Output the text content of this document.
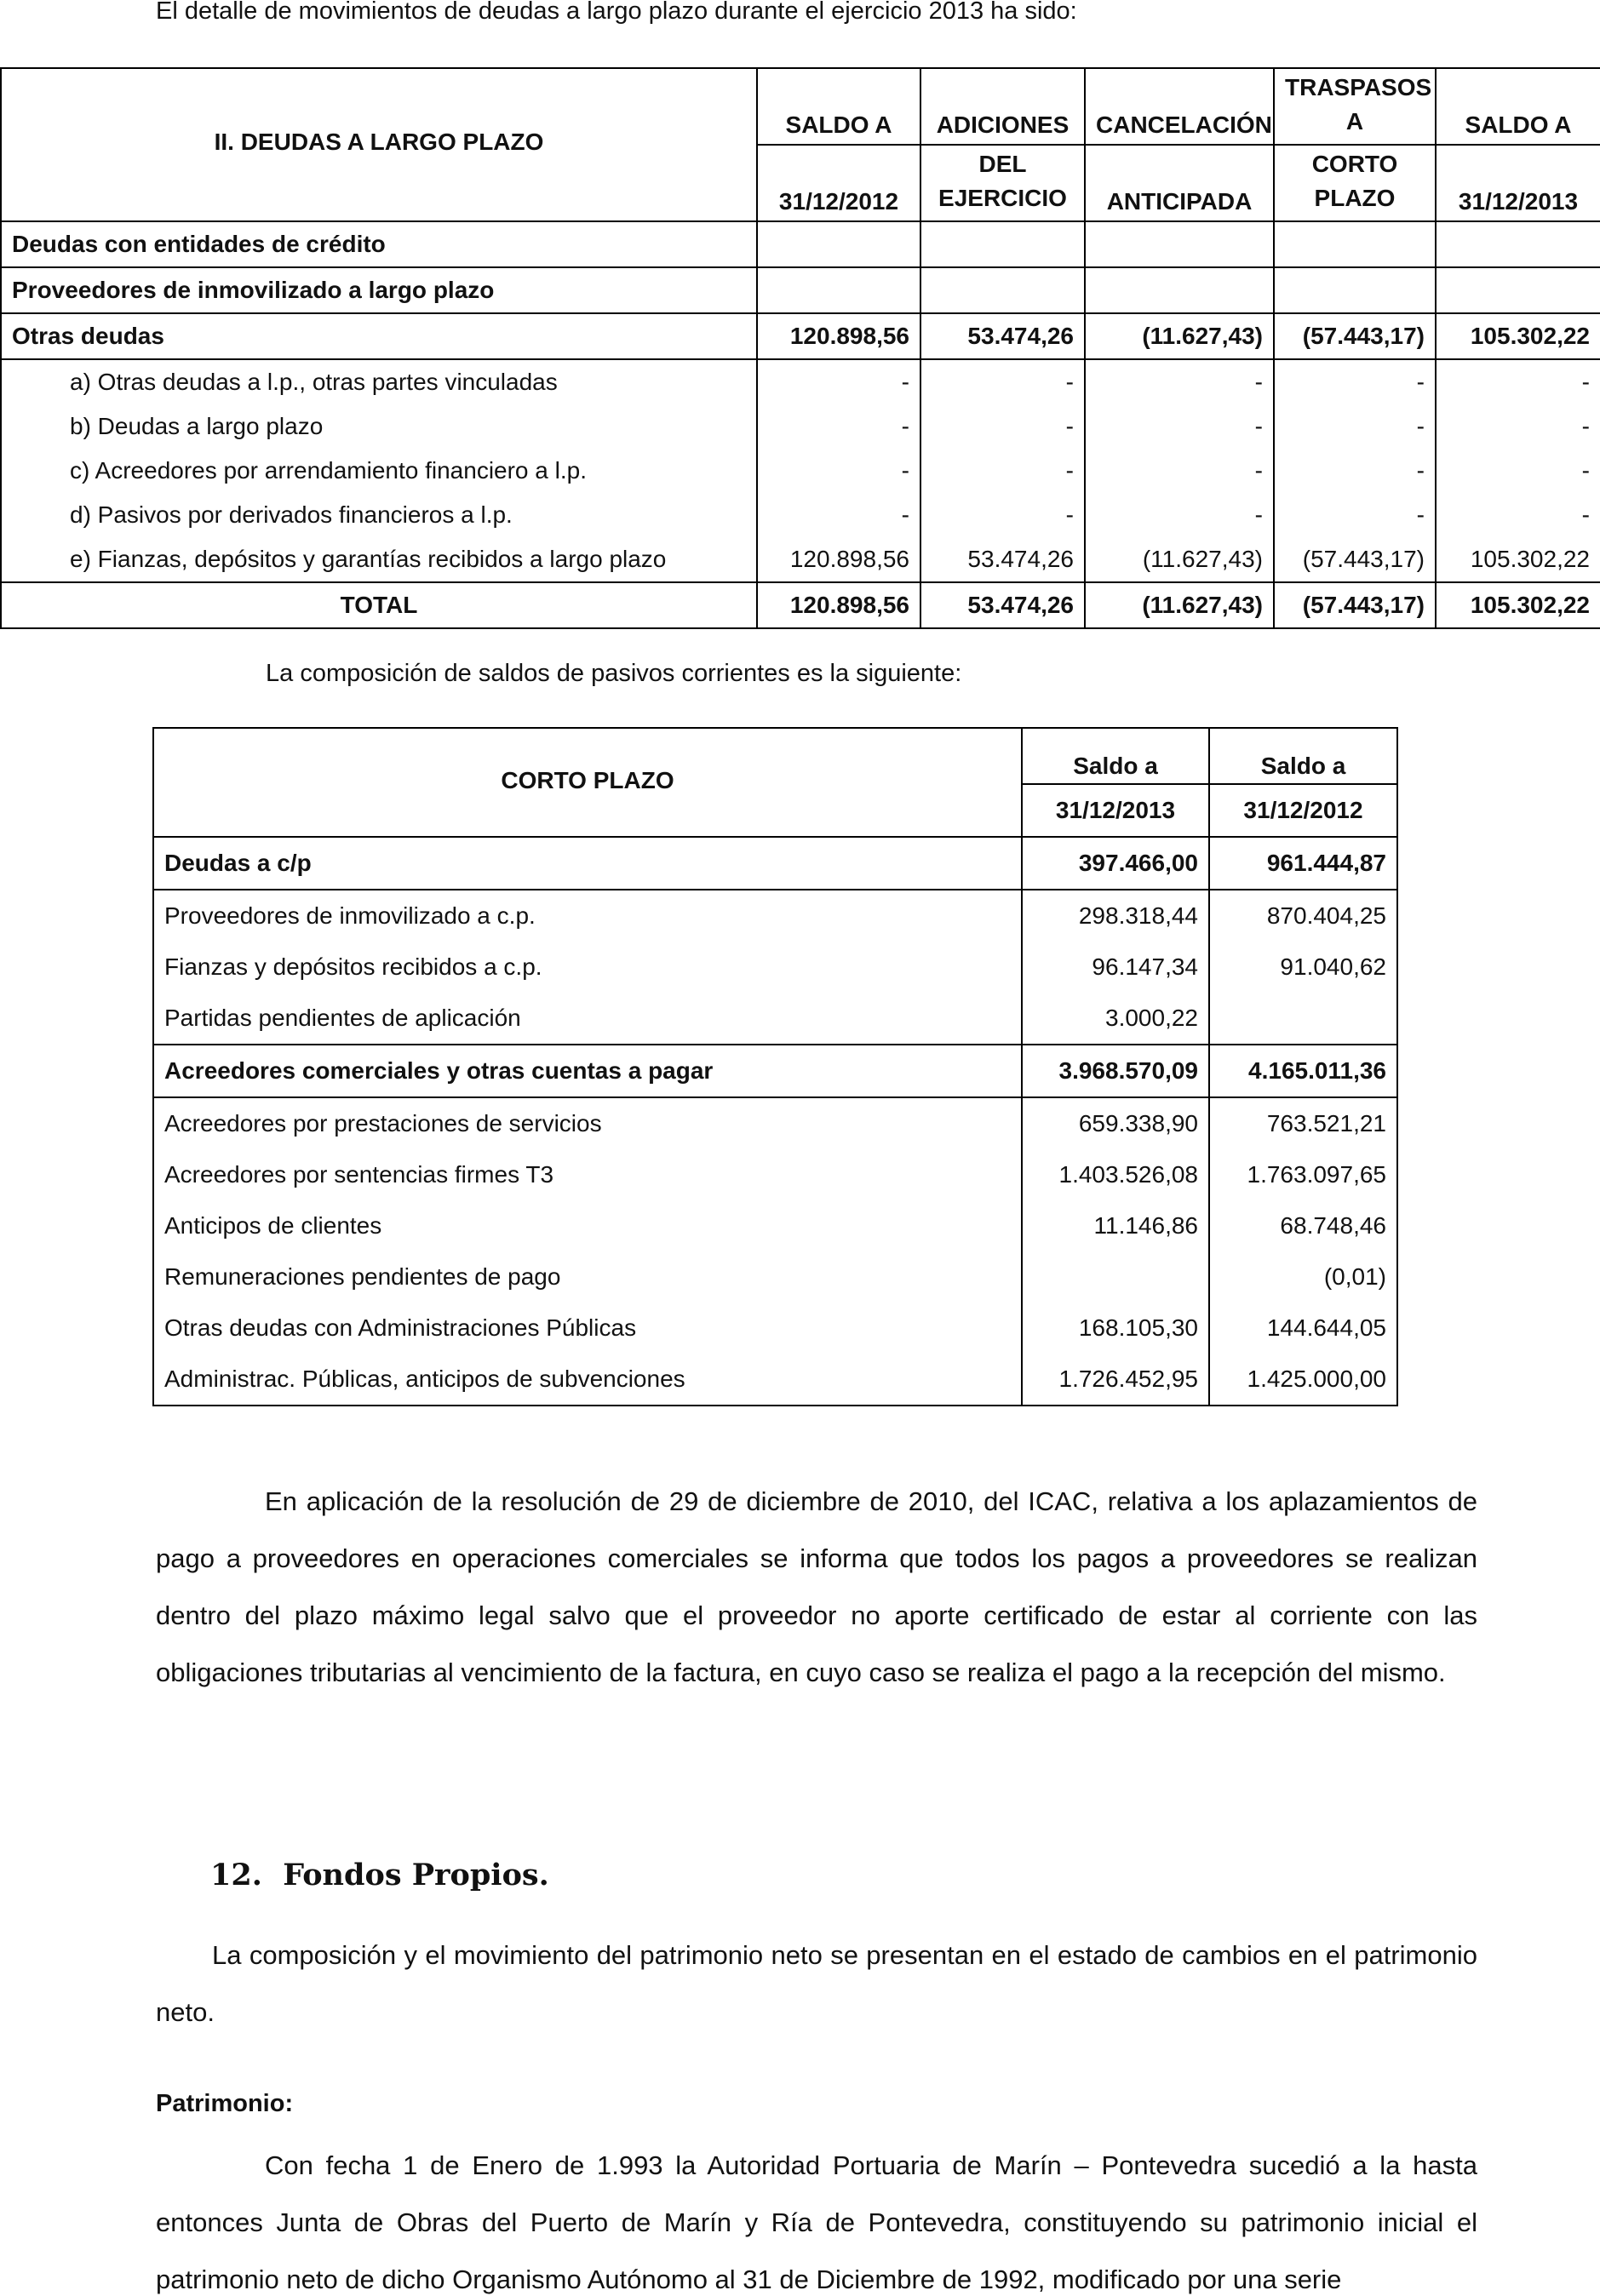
El detalle de movimientos de deudas a largo plazo durante el ejercicio 2013 ha sido:
II. DEUDAS A LARGO PLAZO	SALDO A	ADICIONES	CANCELACIÓN	TRASPASOS A	SALDO A
	31/12/2012	DEL EJERCICIO	ANTICIPADA	CORTO PLAZO	31/12/2013
Deudas con entidades de crédito					
Proveedores de inmovilizado a largo plazo					
Otras deudas	120.898,56	53.474,26	(11.627,43)	(57.443,17)	105.302,22
a) Otras deudas a l.p., otras partes vinculadas	-	-	-	-	-
b) Deudas a largo plazo	-	-	-	-	-
c) Acreedores por arrendamiento financiero a l.p.	-	-	-	-	-
d) Pasivos por derivados financieros a l.p.	-	-	-	-	-
e) Fianzas, depósitos y garantías recibidos a largo plazo	120.898,56	53.474,26	(11.627,43)	(57.443,17)	105.302,22
TOTAL	120.898,56	53.474,26	(11.627,43)	(57.443,17)	105.302,22
La composición de saldos de pasivos corrientes es la siguiente:
CORTO PLAZO	Saldo a	Saldo a
	31/12/2013	31/12/2012
Deudas a c/p	397.466,00	961.444,87
Proveedores de inmovilizado a c.p.	298.318,44	870.404,25
Fianzas y depósitos recibidos a c.p.	96.147,34	91.040,62
Partidas pendientes de aplicación	3.000,22	
Acreedores comerciales y otras cuentas a pagar	3.968.570,09	4.165.011,36
Acreedores por prestaciones de servicios	659.338,90	763.521,21
Acreedores por sentencias firmes T3	1.403.526,08	1.763.097,65
Anticipos de clientes	11.146,86	68.748,46
Remuneraciones pendientes de pago		(0,01)
Otras deudas con Administraciones Públicas	168.105,30	144.644,05
Administrac. Públicas, anticipos de subvenciones	1.726.452,95	1.425.000,00
En aplicación de la resolución de 29 de diciembre de 2010, del ICAC, relativa a los aplazamientos de pago a proveedores en operaciones comerciales se informa que todos los pagos a proveedores se realizan dentro del plazo máximo legal salvo que el proveedor no aporte certificado de estar al corriente con las obligaciones tributarias al vencimiento de la factura, en cuyo caso se realiza el pago a la recepción del mismo.
12. Fondos Propios.
La composición y el movimiento del patrimonio neto se presentan en el estado de cambios en el patrimonio neto.
Patrimonio:
Con fecha 1 de Enero de 1.993 la Autoridad Portuaria de Marín – Pontevedra sucedió a la hasta entonces Junta de Obras del Puerto de Marín y Ría de Pontevedra, constituyendo su patrimonio inicial el patrimonio neto de dicho Organismo Autónomo al 31 de Diciembre de 1992, modificado por una serie
